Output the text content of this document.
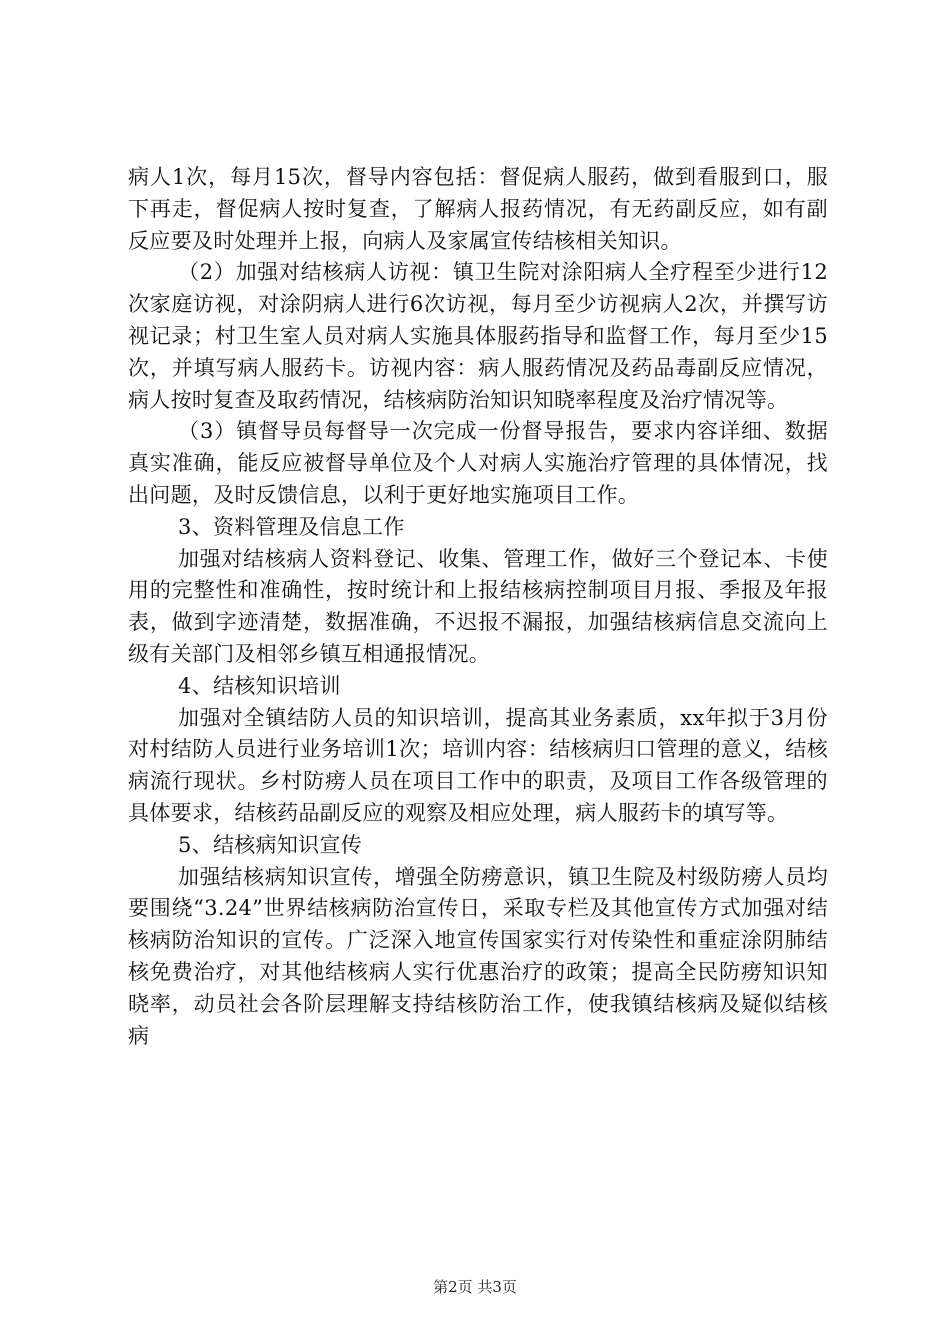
病人1次，每月15次，督导内容包括：督促病人服药，做到看服到口，服下再走，督促病人按时复查，了解病人报药情况，有无药副反应，如有副反应要及时处理并上报，向病人及家属宣传结核相关知识。

（2）加强对结核病人访视：镇卫生院对涂阳病人全疗程至少进行12次家庭访视，对涂阴病人进行6次访视，每月至少访视病人2次，并撰写访视记录；村卫生室人员对病人实施具体服药指导和监督工作，每月至少15次，并填写病人服药卡。访视内容：病人服药情况及药品毒副反应情况，病人按时复查及取药情况，结核病防治知识知晓率程度及治疗情况等。

（3）镇督导员每督导一次完成一份督导报告，要求内容详细、数据真实准确，能反应被督导单位及个人对病人实施治疗管理的具体情况，找出问题，及时反馈信息，以利于更好地实施项目工作。

3、资料管理及信息工作

加强对结核病人资料登记、收集、管理工作，做好三个登记本、卡使用的完整性和准确性，按时统计和上报结核病控制项目月报、季报及年报表，做到字迹清楚，数据准确，不迟报不漏报，加强结核病信息交流向上级有关部门及相邻乡镇互相通报情况。

4、结核知识培训

加强对全镇结防人员的知识培训，提高其业务素质，xx年拟于3月份对村结防人员进行业务培训1次；培训内容：结核病归口管理的意义，结核病流行现状。乡村防痨人员在项目工作中的职责，及项目工作各级管理的具体要求，结核药品副反应的观察及相应处理，病人服药卡的填写等。

5、结核病知识宣传

加强结核病知识宣传，增强全防痨意识，镇卫生院及村级防痨人员均要围绕“3.24”世界结核病防治宣传日，采取专栏及其他宣传方式加强对结核病防治知识的宣传。广泛深入地宣传国家实行对传染性和重症涂阴肺结核免费治疗，对其他结核病人实行优惠治疗的政策；提高全民防痨知识知晓率，动员社会各阶层理解支持结核防治工作，使我镇结核病及疑似结核病

第2页 共3页
